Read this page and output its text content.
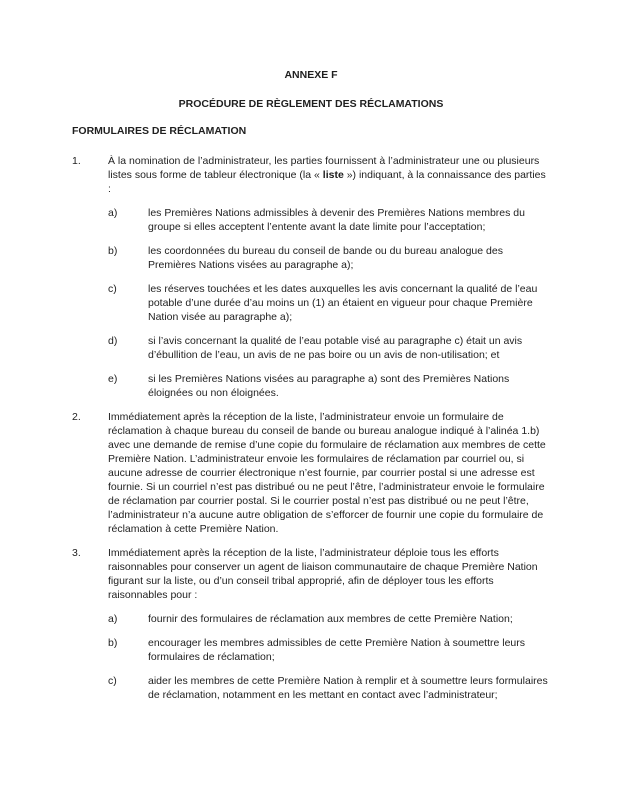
ANNEXE F
PROCÉDURE DE RÈGLEMENT DES RÉCLAMATIONS
FORMULAIRES DE RÉCLAMATION
1.	À la nomination de l’administrateur, les parties fournissent à l’administrateur une ou plusieurs listes sous forme de tableur électronique (la « liste ») indiquant, à la connaissance des parties :
a)	les Premières Nations admissibles à devenir des Premières Nations membres du groupe si elles acceptent l’entente avant la date limite pour l’acceptation;
b)	les coordonnées du bureau du conseil de bande ou du bureau analogue des Premières Nations visées au paragraphe a);
c)	les réserves touchées et les dates auxquelles les avis concernant la qualité de l’eau potable d’une durée d’au moins un (1) an étaient en vigueur pour chaque Première Nation visée au paragraphe a);
d)	si l’avis concernant la qualité de l’eau potable visé au paragraphe c) était un avis d’ébullition de l’eau, un avis de ne pas boire ou un avis de non-utilisation; et
e)	si les Premières Nations visées au paragraphe a) sont des Premières Nations éloignées ou non éloignées.
2.	Immédiatement après la réception de la liste, l’administrateur envoie un formulaire de réclamation à chaque bureau du conseil de bande ou bureau analogue indiqué à l’alinéa 1.b) avec une demande de remise d’une copie du formulaire de réclamation aux membres de cette Première Nation. L’administrateur envoie les formulaires de réclamation par courriel ou, si aucune adresse de courrier électronique n’est fournie, par courrier postal si une adresse est fournie. Si un courriel n’est pas distribué ou ne peut l’être, l’administrateur envoie le formulaire de réclamation par courrier postal. Si le courrier postal n’est pas distribué ou ne peut l’être, l’administrateur n’a aucune autre obligation de s’efforcer de fournir une copie du formulaire de réclamation à cette Première Nation.
3.	Immédiatement après la réception de la liste, l’administrateur déploie tous les efforts raisonnables pour conserver un agent de liaison communautaire de chaque Première Nation figurant sur la liste, ou d’un conseil tribal approprié, afin de déployer tous les efforts raisonnables pour :
a)	fournir des formulaires de réclamation aux membres de cette Première Nation;
b)	encourager les membres admissibles de cette Première Nation à soumettre leurs formulaires de réclamation;
c)	aider les membres de cette Première Nation à remplir et à soumettre leurs formulaires de réclamation, notamment en les mettant en contact avec l’administrateur;
